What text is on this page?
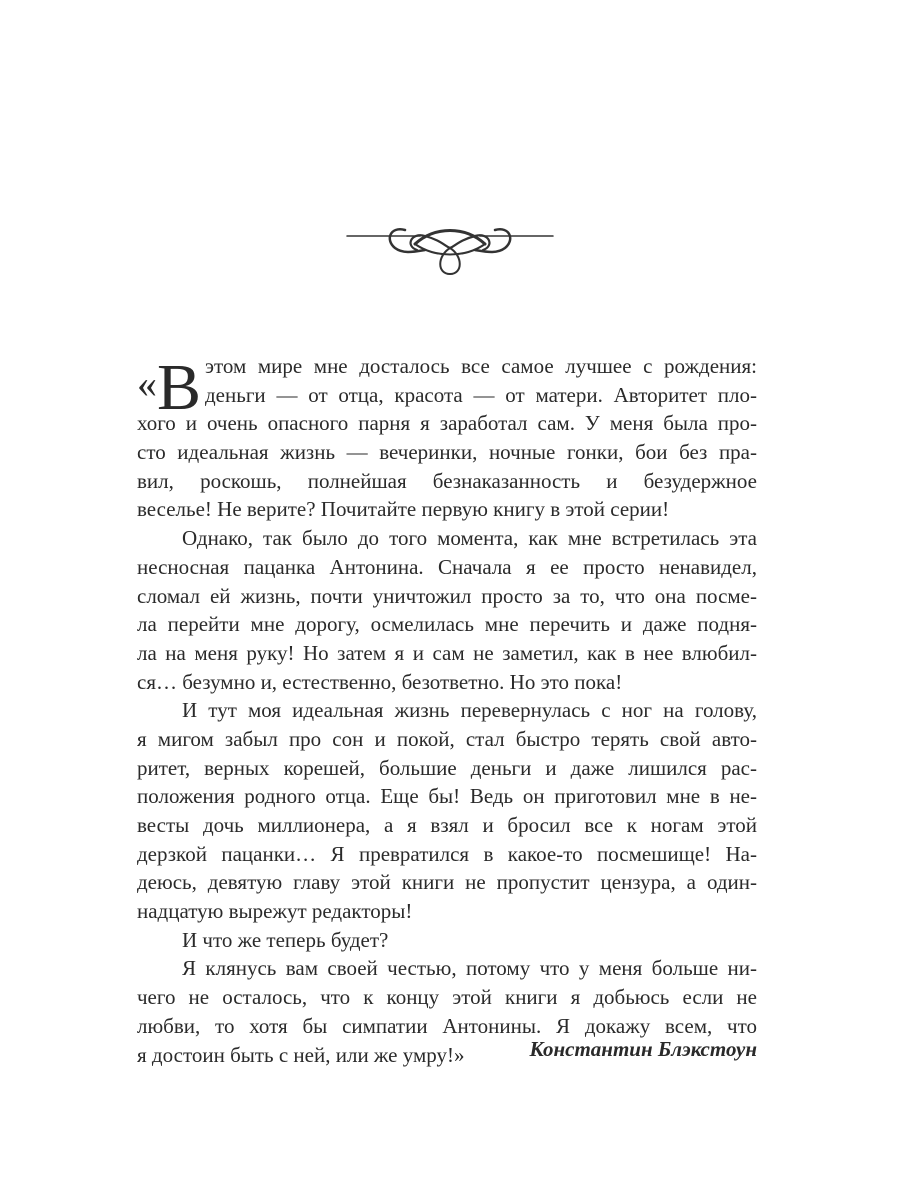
«В этом мире мне досталось все самое лучшее с рождения:
деньги — от отца, красота — от матери. Авторитет пло-
хого и очень опасного парня я заработал сам. У меня была про-
сто идеальная жизнь — вечеринки, ночные гонки, бои без пра-
вил, роскошь, полнейшая безнаказанность и безудержное
веселье! Не верите? Почитайте первую книгу в этой серии!
Однако, так было до того момента, как мне встретилась эта
несносная пацанка Антонина. Сначала я ее просто ненавидел,
сломал ей жизнь, почти уничтожил просто за то, что она посме-
ла перейти мне дорогу, осмелилась мне перечить и даже подня-
ла на меня руку! Но затем я и сам не заметил, как в нее влюбил-
ся… безумно и, естественно, безответно. Но это пока!
И тут моя идеальная жизнь перевернулась с ног на голову,
я мигом забыл про сон и покой, стал быстро терять свой авто-
ритет, верных корешей, большие деньги и даже лишился рас-
положения родного отца. Еще бы! Ведь он приготовил мне в не-
весты дочь миллионера, а я взял и бросил все к ногам этой
дерзкой пацанки… Я превратился в какое-то посмешище! На-
деюсь, девятую главу этой книги не пропустит цензура, а один-
надцатую вырежут редакторы!
И что же теперь будет?
Я клянусь вам своей честью, потому что у меня больше ни-
чего не осталось, что к концу этой книги я добьюсь если не
любви, то хотя бы симпатии Антонины. Я докажу всем, что
я достоин быть с ней, или же умру!»	Константин Блэкстоун
